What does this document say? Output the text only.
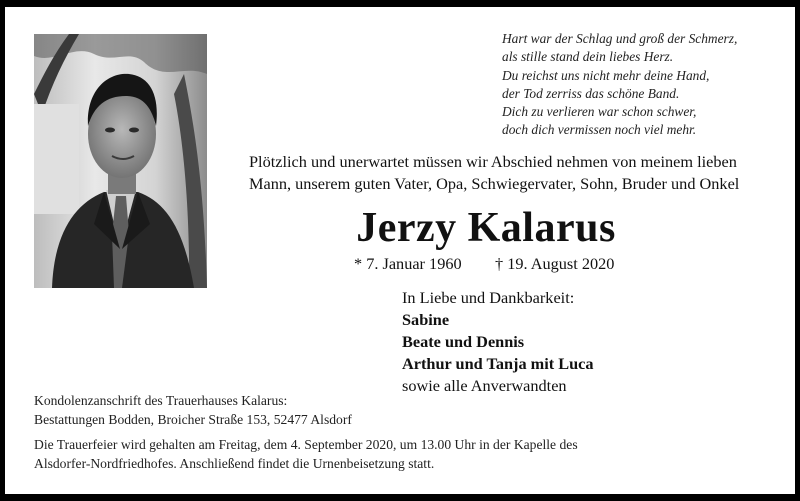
Hart war der Schlag und groß der Schmerz,
als stille stand dein liebes Herz.
Du reichst uns nicht mehr deine Hand,
der Tod zerriss das schöne Band.
Dich zu verlieren war schon schwer,
doch dich vermissen noch viel mehr.
Plötzlich und unerwartet müssen wir Abschied nehmen von meinem lieben
Mann, unserem guten Vater, Opa, Schwiegervater, Sohn, Bruder und Onkel
Jerzy Kalarus
* 7. Januar 1960 † 19. August 2020
In Liebe und Dankbarkeit:
Sabine
Beate und Dennis
Arthur und Tanja mit Luca
sowie alle Anverwandten
Kondolenzanschrift des Trauerhauses Kalarus:
Bestattungen Bodden, Broicher Straße 153, 52477 Alsdorf
Die Trauerfeier wird gehalten am Freitag, dem 4. September 2020, um 13.00 Uhr in der Kapelle des
Alsdorfer-Nordfriedhofes. Anschließend findet die Urnenbeisetzung statt.
